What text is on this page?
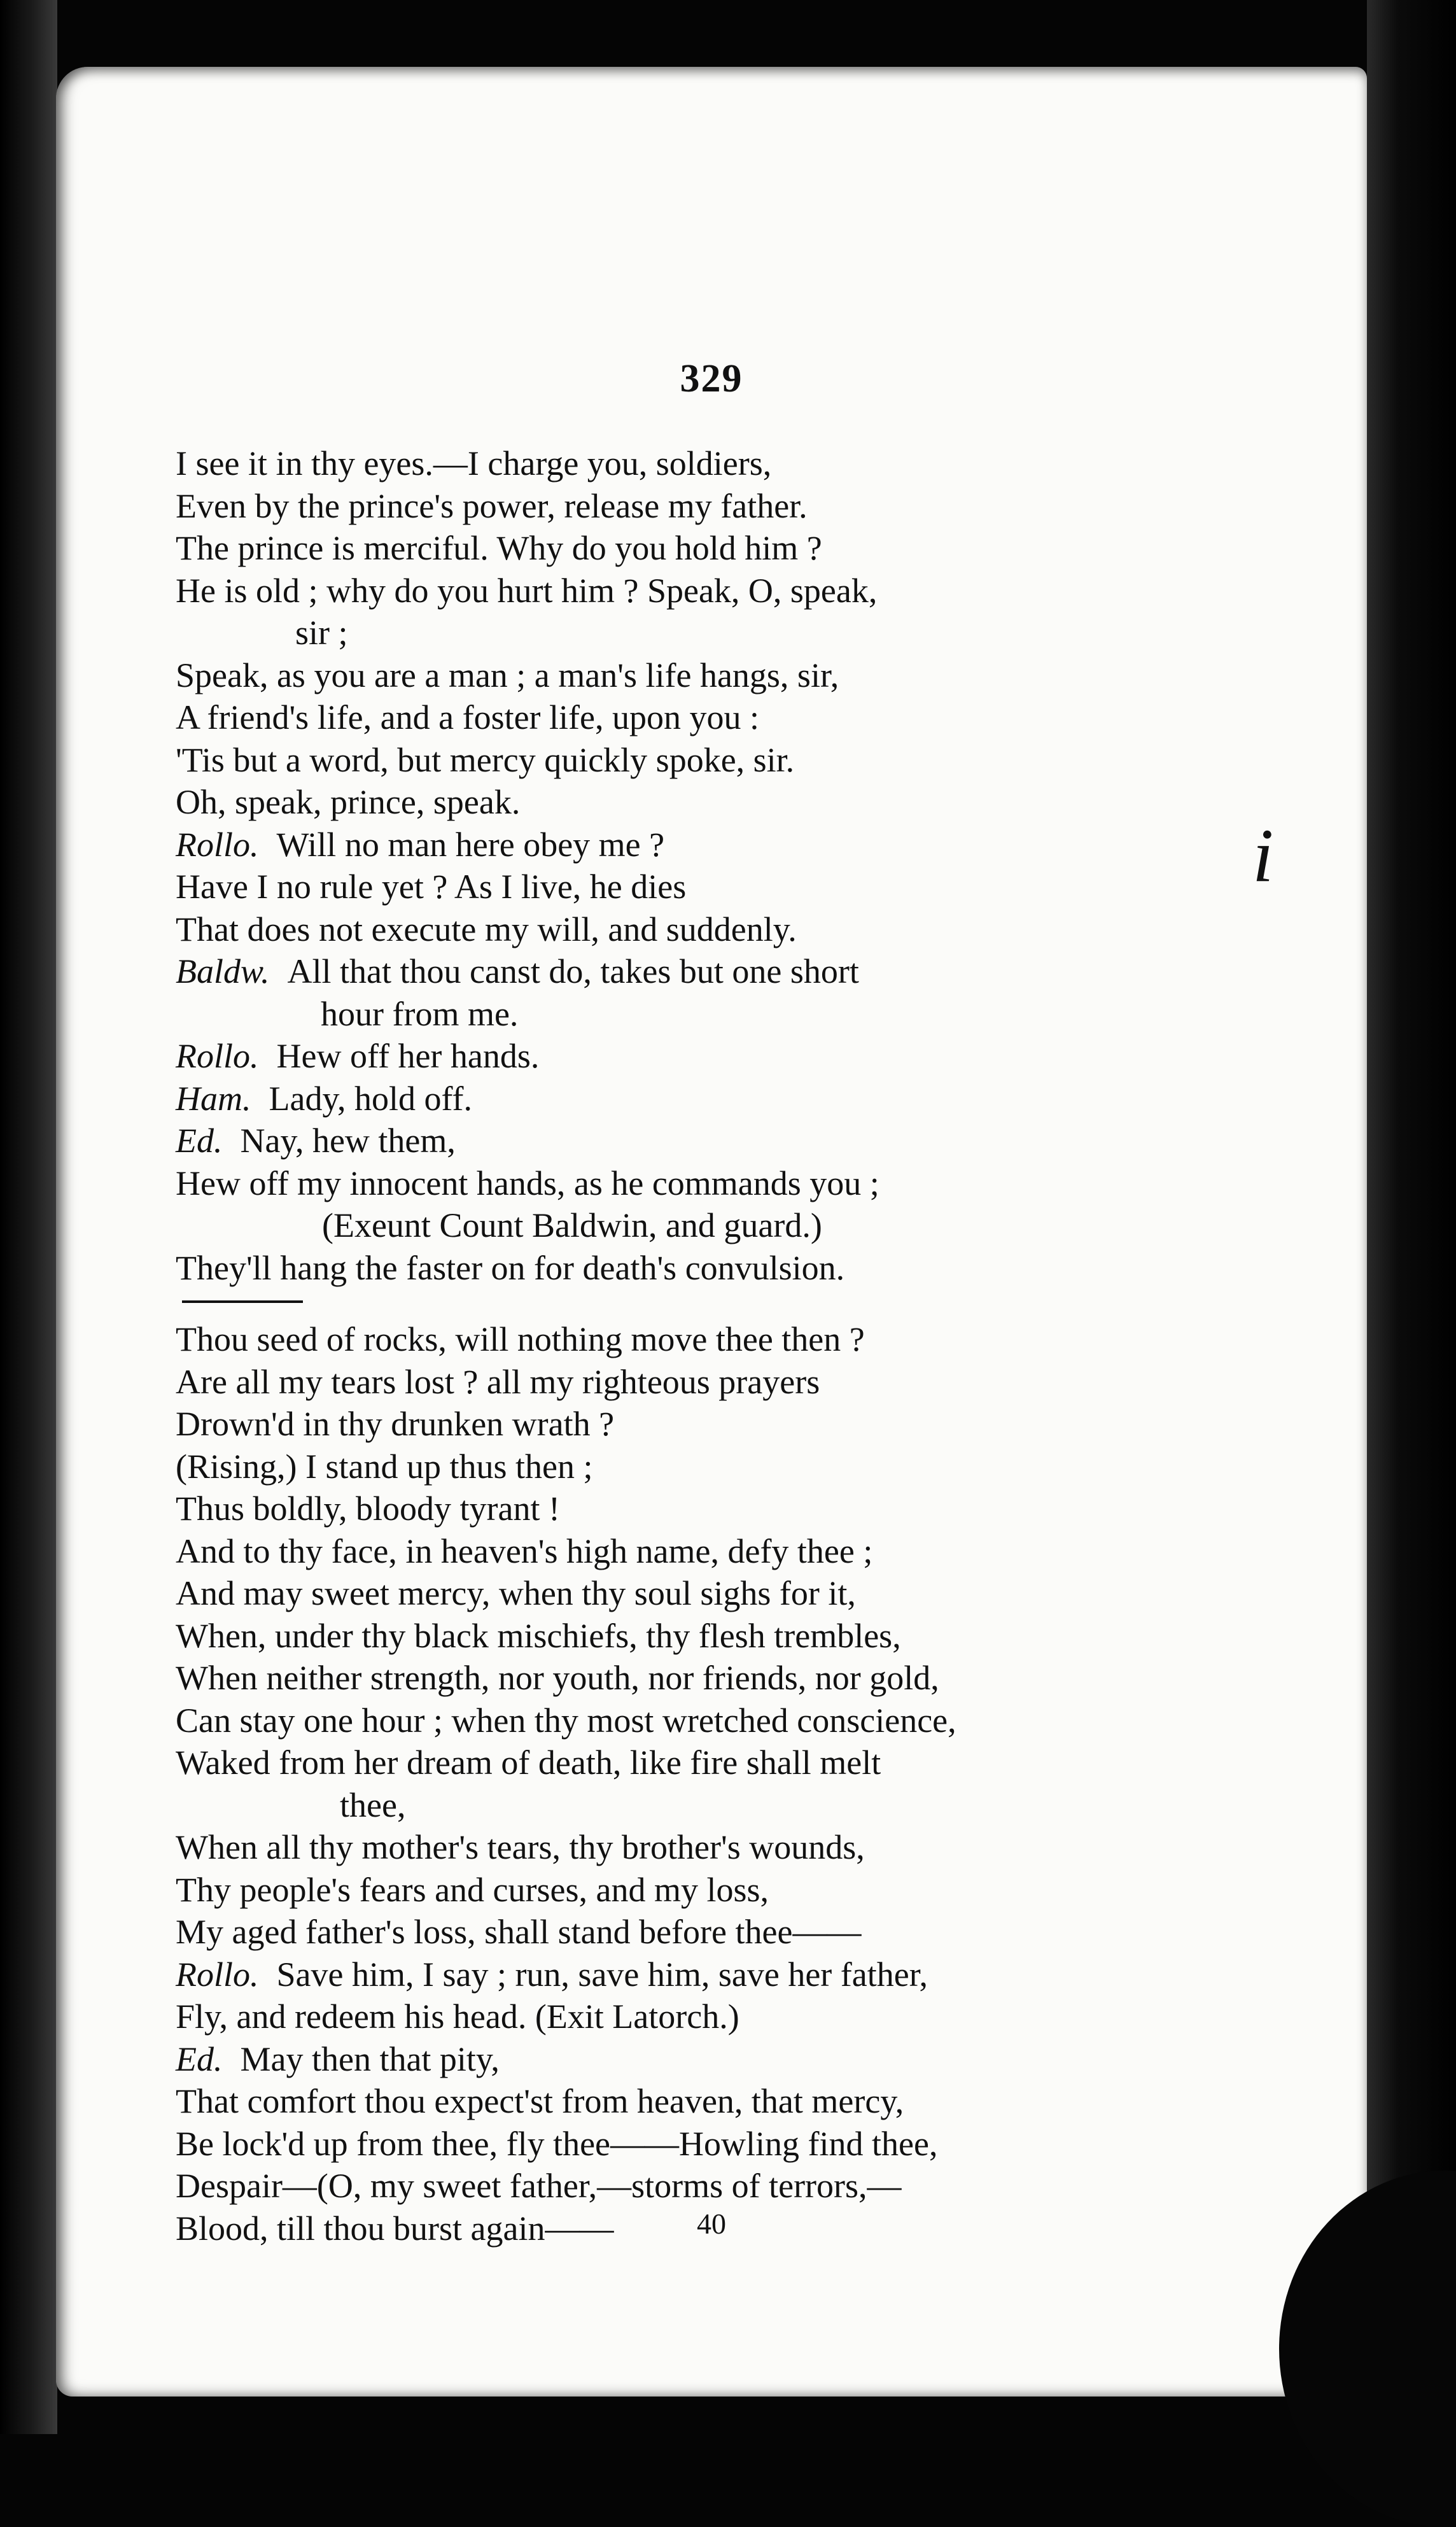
329
I see it in thy eyes.—I charge you, soldiers,
Even by the prince's power, release my father.
The prince is merciful. Why do you hold him ?
He is old ; why do you hurt him ? Speak, O, speak,
sir ;
Speak, as you are a man ; a man's life hangs, sir,
A friend's life, and a foster life, upon you :
'Tis but a word, but mercy quickly spoke, sir.
Oh, speak, prince, speak.
Rollo. Will no man here obey me ?
Have I no rule yet ? As I live, he dies
That does not execute my will, and suddenly.
Baldw. All that thou canst do, takes but one short
hour from me.
Rollo. Hew off her hands.
Ham. Lady, hold off.
Ed. Nay, hew them,
Hew off my innocent hands, as he commands you ;
(Exeunt Count Baldwin, and guard.)
They'll hang the faster on for death's convulsion.
Thou seed of rocks, will nothing move thee then ?
Are all my tears lost ? all my righteous prayers
Drown'd in thy drunken wrath ?
(Rising,) I stand up thus then ;
Thus boldly, bloody tyrant !
And to thy face, in heaven's high name, defy thee ;
And may sweet mercy, when thy soul sighs for it,
When, under thy black mischiefs, thy flesh trembles,
When neither strength, nor youth, nor friends, nor gold,
Can stay one hour ; when thy most wretched conscience,
Waked from her dream of death, like fire shall melt
thee,
When all thy mother's tears, thy brother's wounds,
Thy people's fears and curses, and my loss,
My aged father's loss, shall stand before thee——
Rollo. Save him, I say ; run, save him, save her father,
Fly, and redeem his head. (Exit Latorch.)
Ed. May then that pity,
That comfort thou expect'st from heaven, that mercy,
Be lock'd up from thee, fly thee——Howling find thee,
Despair—(O, my sweet father,—storms of terrors,—
Blood, till thou burst again——
i
40
